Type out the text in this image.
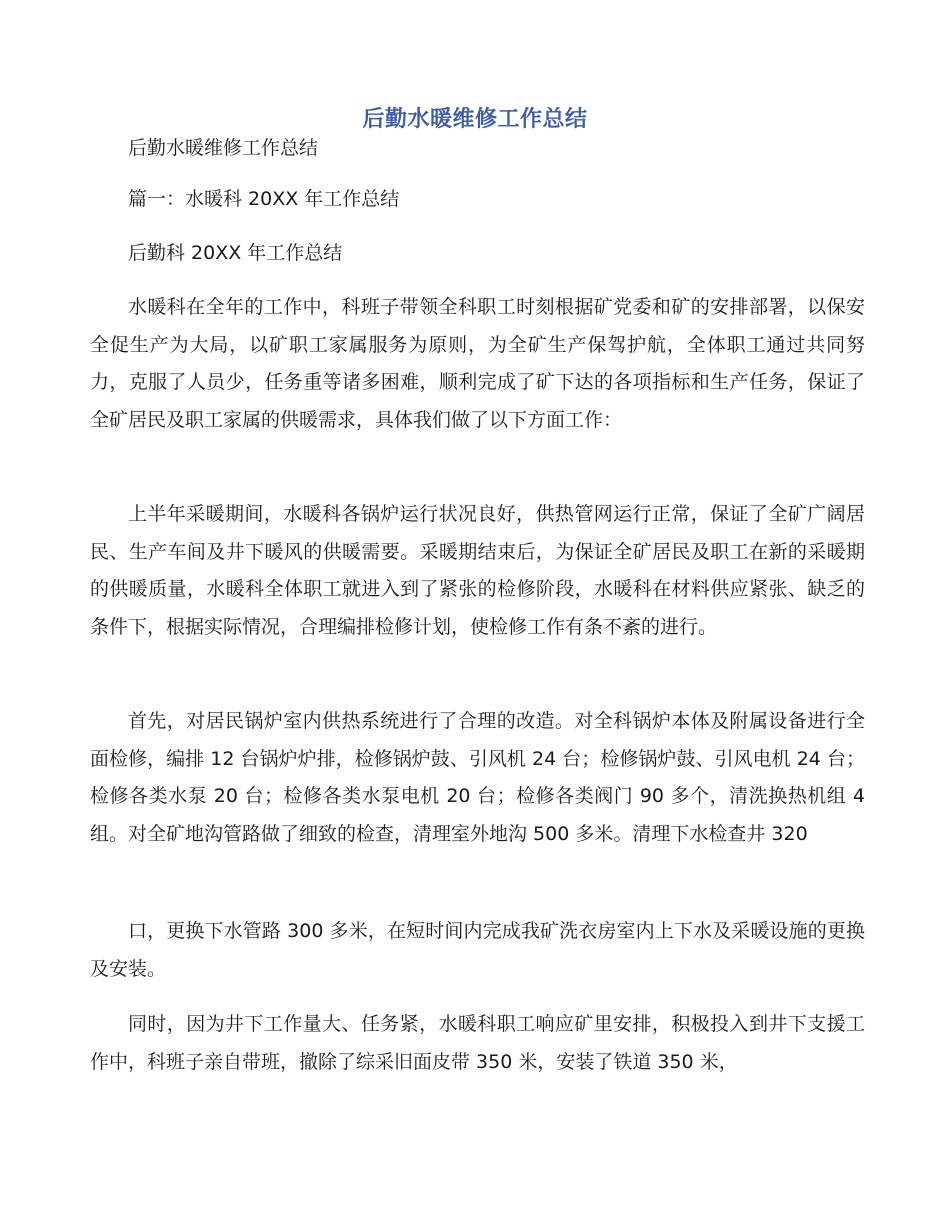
后勤水暖维修工作总结
后勤水暖维修工作总结
篇一：水暖科 20XX 年工作总结
后勤科 20XX 年工作总结

水暖科在全年的工作中，科班子带领全科职工时刻根据矿党委和矿的安排部署，以保安全促生产为大局，以矿职工家属服务为原则，为全矿生产保驾护航，全体职工通过共同努力，克服了人员少，任务重等诸多困难，顺利完成了矿下达的各项指标和生产任务，保证了全矿居民及职工家属的供暖需求，具体我们做了以下方面工作：

上半年采暖期间，水暖科各锅炉运行状况良好，供热管网运行正常，保证了全矿广阔居民、生产车间及井下暖风的供暖需要。采暖期结束后，为保证全矿居民及职工在新的采暖期的供暖质量，水暖科全体职工就进入到了紧张的检修阶段，水暖科在材料供应紧张、缺乏的条件下，根据实际情况，合理编排检修计划，使检修工作有条不紊的进行。

首先，对居民锅炉室内供热系统进行了合理的改造。对全科锅炉本体及附属设备进行全面检修，编排 12 台锅炉炉排，检修锅炉鼓、引风机 24 台；检修锅炉鼓、引风电机 24 台；检修各类水泵 20 台；检修各类水泵电机 20 台；检修各类阀门 90 多个，清洗换热机组 4 组。对全矿地沟管路做了细致的检查，清理室外地沟 500 多米。清理下水检查井 320

口，更换下水管路 300 多米，在短时间内完成我矿洗衣房室内上下水及采暖设施的更换及安装。

同时，因为井下工作量大、任务紧，水暖科职工响应矿里安排，积极投入到井下支援工作中，科班子亲自带班，撤除了综采旧面皮带 350 米，安装了铁道 350 米，
